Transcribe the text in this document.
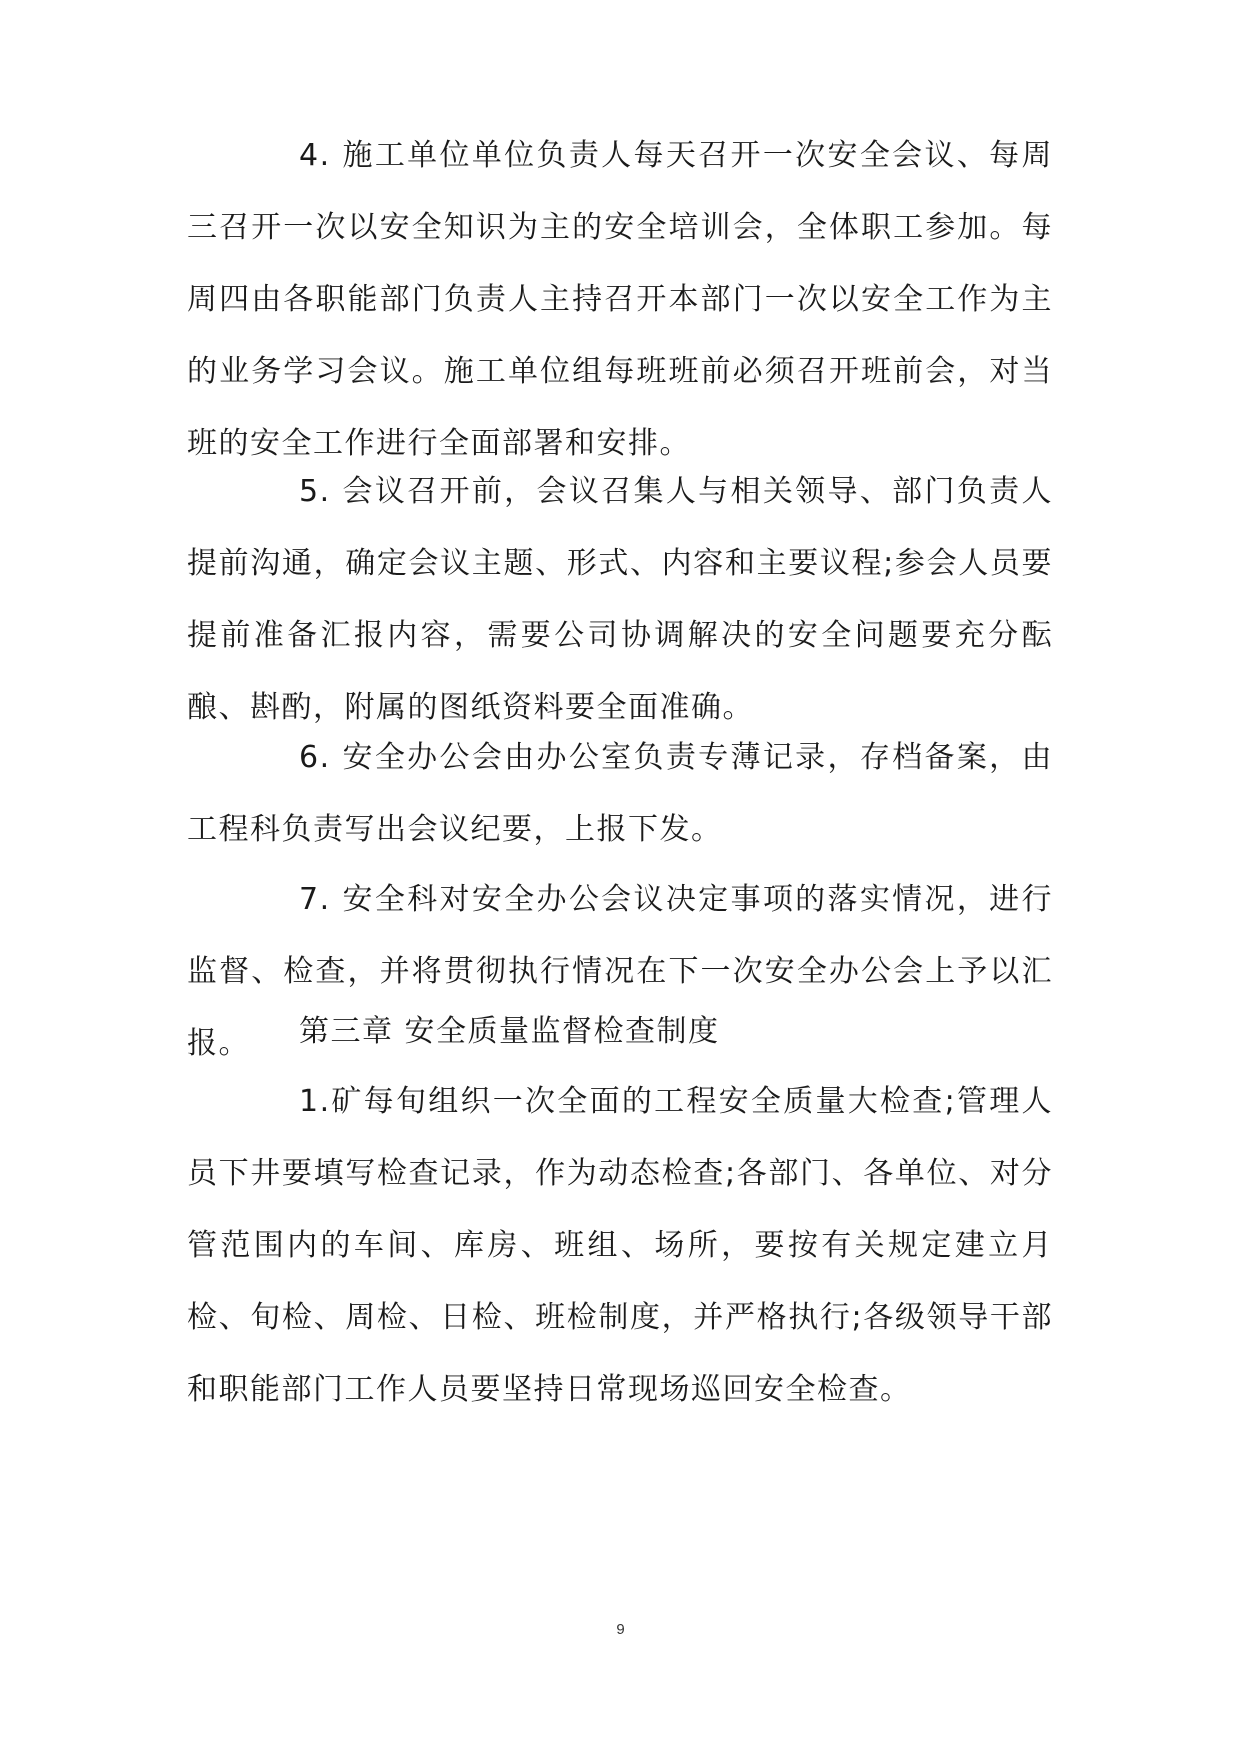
4. 施工单位单位负责人每天召开一次安全会议、每周三召开一次以安全知识为主的安全培训会，全体职工参加。每周四由各职能部门负责人主持召开本部门一次以安全工作为主的业务学习会议。施工单位组每班班前必须召开班前会，对当班的安全工作进行全面部署和安排。

5. 会议召开前，会议召集人与相关领导、部门负责人提前沟通，确定会议主题、形式、内容和主要议程;参会人员要提前准备汇报内容，需要公司协调解决的安全问题要充分酝酿、斟酌，附属的图纸资料要全面准确。

6. 安全办公会由办公室负责专薄记录，存档备案，由工程科负责写出会议纪要，上报下发。

7. 安全科对安全办公会议决定事项的落实情况，进行监督、检查，并将贯彻执行情况在下一次安全办公会上予以汇报。	第三章 安全质量监督检查制度

1.矿每旬组织一次全面的工程安全质量大检查;管理人员下井要填写检查记录，作为动态检查;各部门、各单位、对分管范围内的车间、库房、班组、场所，要按有关规定建立月检、旬检、周检、日检、班检制度，并严格执行;各级领导干部和职能部门工作人员要坚持日常现场巡回安全检查。

9
